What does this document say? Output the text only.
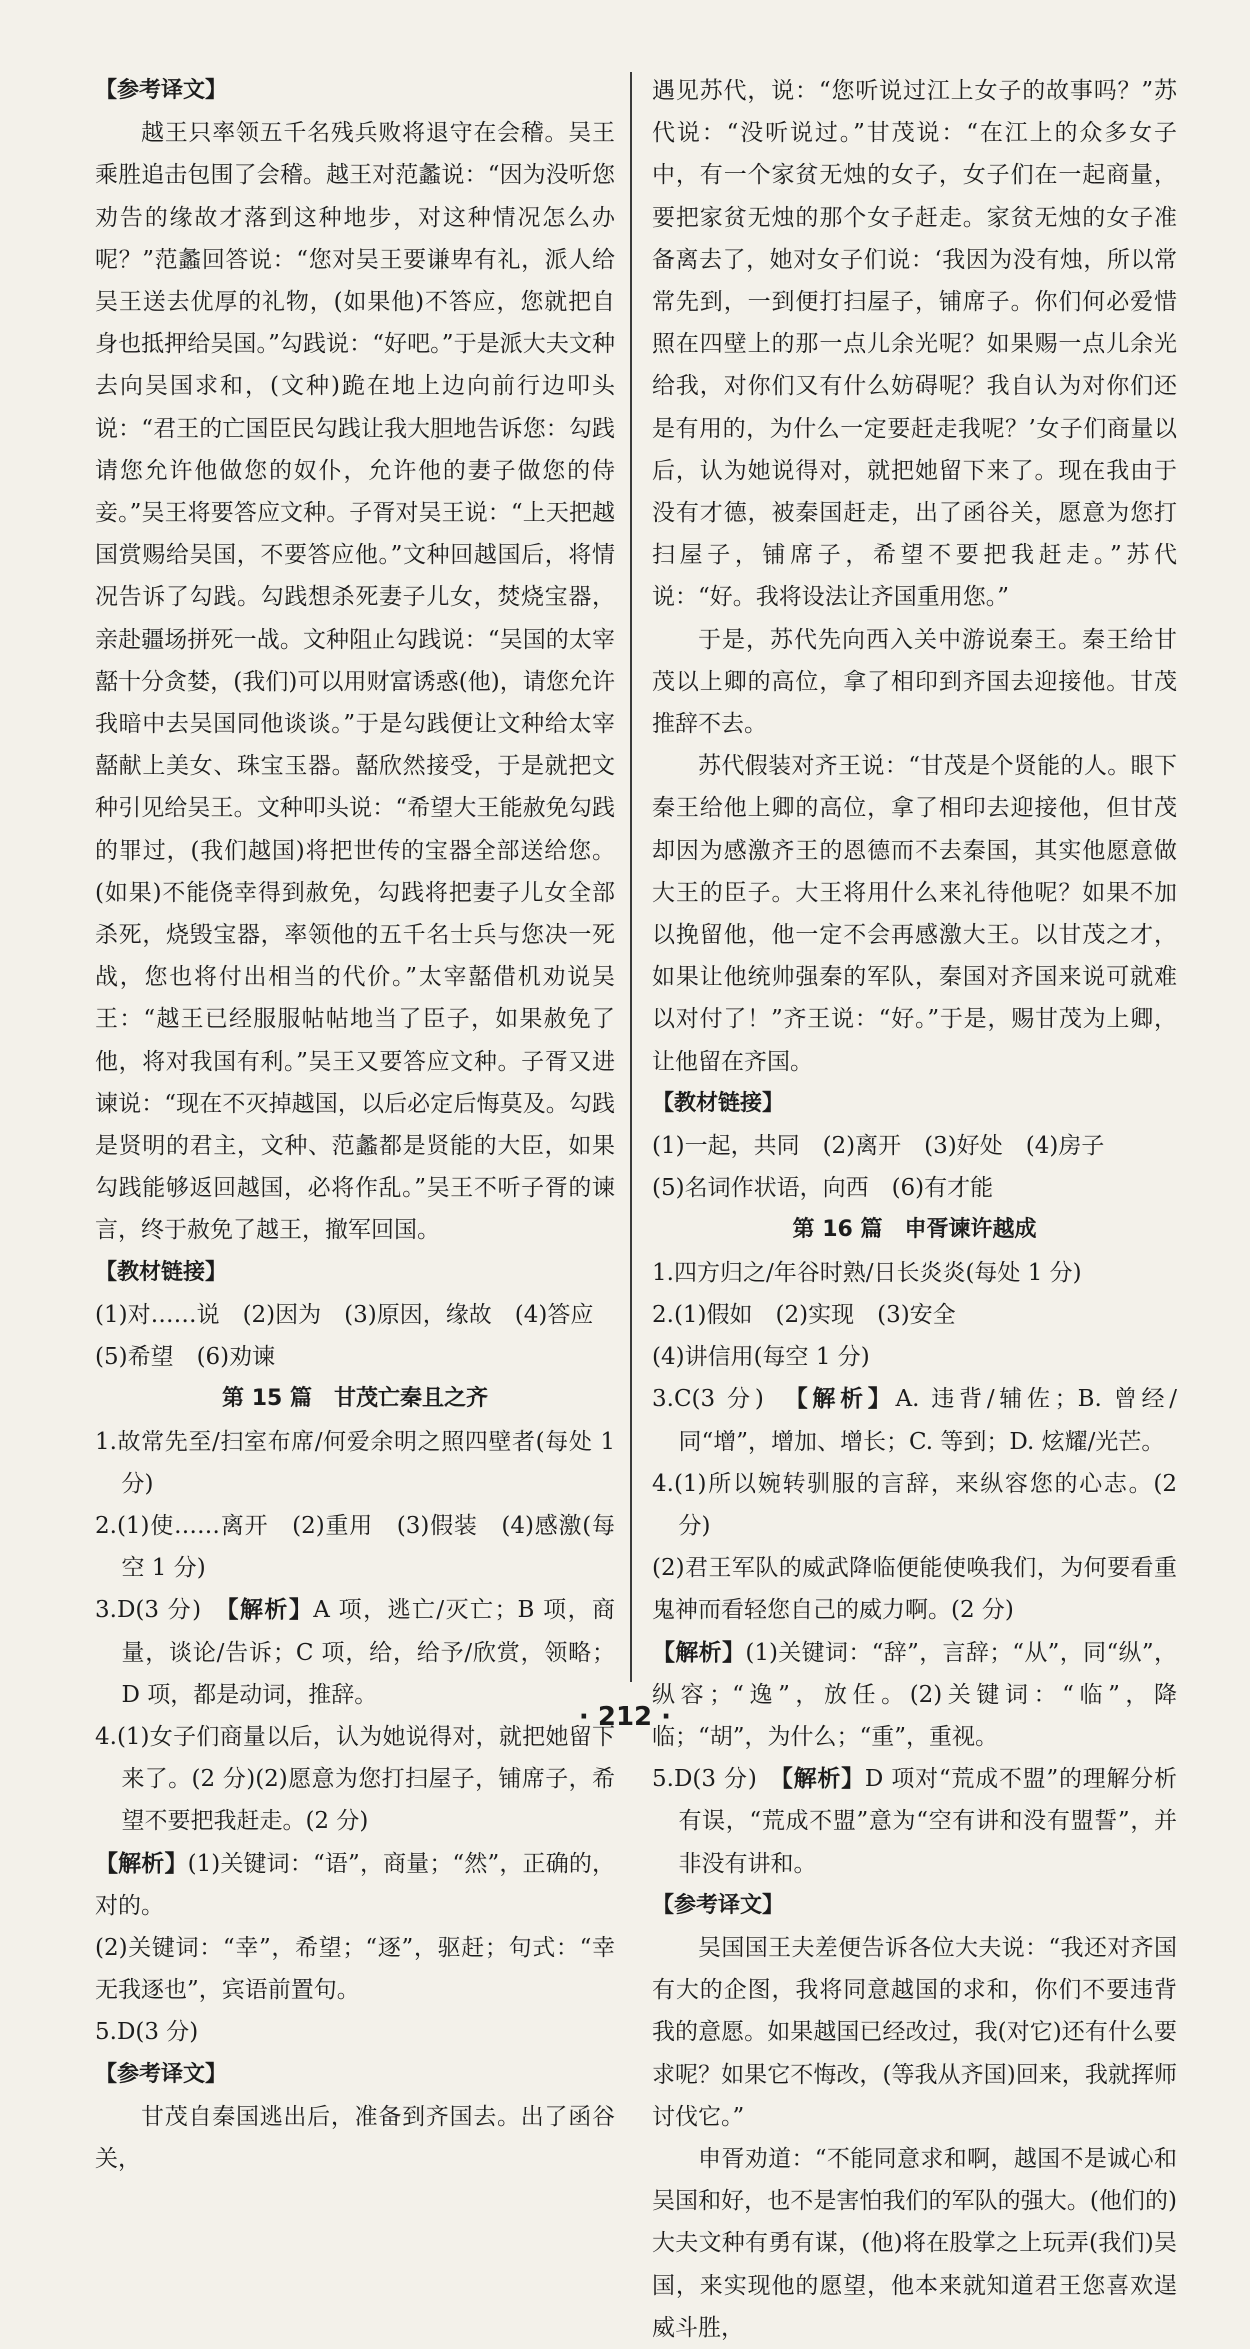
【参考译文】

越王只率领五千名残兵败将退守在会稽。吴王乘胜追击包围了会稽。越王对范蠡说：“因为没听您劝告的缘故才落到这种地步，对这种情况怎么办呢？”范蠡回答说：“您对吴王要谦卑有礼，派人给吴王送去优厚的礼物，(如果他)不答应，您就把自身也抵押给吴国。”勾践说：“好吧。”于是派大夫文种去向吴国求和，(文种)跪在地上边向前行边叩头说：“君王的亡国臣民勾践让我大胆地告诉您：勾践请您允许他做您的奴仆，允许他的妻子做您的侍妾。”吴王将要答应文种。子胥对吴王说：“上天把越国赏赐给吴国，不要答应他。”文种回越国后，将情况告诉了勾践。勾践想杀死妻子儿女，焚烧宝器，亲赴疆场拼死一战。文种阻止勾践说：“吴国的太宰嚭十分贪婪，(我们)可以用财富诱惑(他)，请您允许我暗中去吴国同他谈谈。”于是勾践便让文种给太宰嚭献上美女、珠宝玉器。嚭欣然接受，于是就把文种引见给吴王。文种叩头说：“希望大王能赦免勾践的罪过，(我们越国)将把世传的宝器全部送给您。(如果)不能侥幸得到赦免，勾践将把妻子儿女全部杀死，烧毁宝器，率领他的五千名士兵与您决一死战，您也将付出相当的代价。”太宰嚭借机劝说吴王：“越王已经服服帖帖地当了臣子，如果赦免了他，将对我国有利。”吴王又要答应文种。子胥又进谏说：“现在不灭掉越国，以后必定后悔莫及。勾践是贤明的君主，文种、范蠡都是贤能的大臣，如果勾践能够返回越国，必将作乱。”吴王不听子胥的谏言，终于赦免了越王，撤军回国。

【教材链接】

(1)对……说　(2)因为　(3)原因，缘故　(4)答应

(5)希望　(6)劝谏

第 15 篇　甘茂亡秦且之齐

1.故常先至/扫室布席/何爱余明之照四壁者(每处 1 分)

2.(1)使……离开　(2)重用　(3)假装　(4)感激(每空 1 分)

3.D(3 分)　【解析】A 项，逃亡/灭亡；B 项，商量，谈论/告诉；C 项，给，给予/欣赏，领略；D 项，都是动词，推辞。

4.(1)女子们商量以后，认为她说得对，就把她留下来了。(2 分)(2)愿意为您打扫屋子，铺席子，希望不要把我赶走。(2 分)

【解析】(1)关键词：“语”，商量；“然”，正确的，对的。

(2)关键词：“幸”，希望；“逐”，驱赶；句式：“幸无我逐也”，宾语前置句。

5.D(3 分)

【参考译文】

甘茂自秦国逃出后，准备到齐国去。出了函谷关，

遇见苏代，说：“您听说过江上女子的故事吗？”苏代说：“没听说过。”甘茂说：“在江上的众多女子中，有一个家贫无烛的女子，女子们在一起商量，要把家贫无烛的那个女子赶走。家贫无烛的女子准备离去了，她对女子们说：‘我因为没有烛，所以常常先到，一到便打扫屋子，铺席子。你们何必爱惜照在四壁上的那一点儿余光呢？如果赐一点儿余光给我，对你们又有什么妨碍呢？我自认为对你们还是有用的，为什么一定要赶走我呢？’女子们商量以后，认为她说得对，就把她留下来了。现在我由于没有才德，被秦国赶走，出了函谷关，愿意为您打扫屋子，铺席子，希望不要把我赶走。”苏代说：“好。我将设法让齐国重用您。”

于是，苏代先向西入关中游说秦王。秦王给甘茂以上卿的高位，拿了相印到齐国去迎接他。甘茂推辞不去。

苏代假装对齐王说：“甘茂是个贤能的人。眼下秦王给他上卿的高位，拿了相印去迎接他，但甘茂却因为感激齐王的恩德而不去秦国，其实他愿意做大王的臣子。大王将用什么来礼待他呢？如果不加以挽留他，他一定不会再感激大王。以甘茂之才，如果让他统帅强秦的军队，秦国对齐国来说可就难以对付了！”齐王说：“好。”于是，赐甘茂为上卿，让他留在齐国。

【教材链接】

(1)一起，共同　(2)离开　(3)好处　(4)房子

(5)名词作状语，向西　(6)有才能

第 16 篇　申胥谏许越成

1.四方归之/年谷时熟/日长炎炎(每处 1 分)

2.(1)假如　(2)实现　(3)安全

(4)讲信用(每空 1 分)

3.C(3 分)　【解析】A. 违背/辅佐；B. 曾经/同“增”，增加、增长；C. 等到；D. 炫耀/光芒。

4.(1)所以婉转驯服的言辞，来纵容您的心志。(2 分)

(2)君王军队的威武降临便能使唤我们，为何要看重鬼神而看轻您自己的威力啊。(2 分)

【解析】(1)关键词：“辞”，言辞；“从”，同“纵”，纵容；“逸”，放任。(2)关键词：“临”，降临；“胡”，为什么；“重”，重视。

5.D(3 分)　【解析】D 项对“荒成不盟”的理解分析有误，“荒成不盟”意为“空有讲和没有盟誓”，并非没有讲和。

【参考译文】

吴国国王夫差便告诉各位大夫说：“我还对齐国有大的企图，我将同意越国的求和，你们不要违背我的意愿。如果越国已经改过，我(对它)还有什么要求呢？如果它不悔改，(等我从齐国)回来，我就挥师讨伐它。”

申胥劝道：“不能同意求和啊，越国不是诚心和吴国和好，也不是害怕我们的军队的强大。(他们的)大夫文种有勇有谋，(他)将在股掌之上玩弄(我们)吴国，来实现他的愿望，他本来就知道君王您喜欢逞威斗胜，

· 212 ·
